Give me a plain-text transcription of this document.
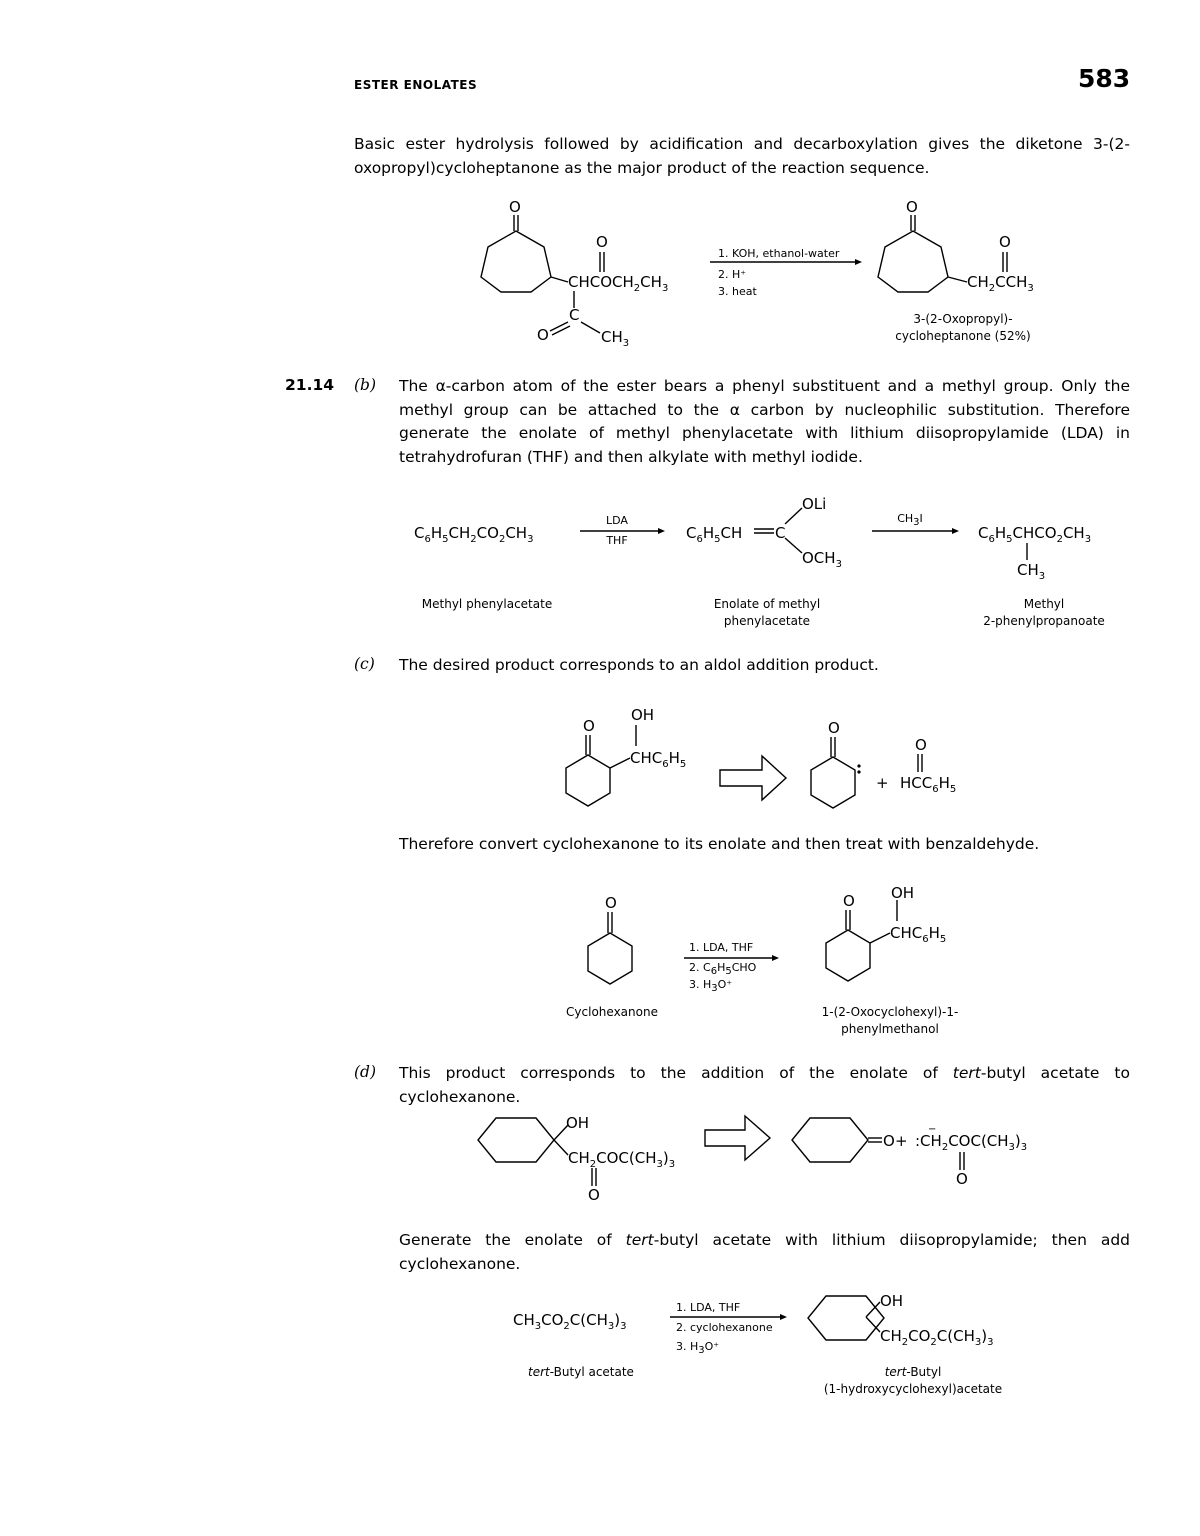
ESTER ENOLATES	583
Basic ester hydrolysis followed by acidification and decarboxylation gives the diketone 3-(2-oxopropyl)cycloheptanone as the major product of the reaction sequence.
O
$CHCOCH_2CH_3$
O
C
O	$CH_3$
1. KOH, ethanol-water
2. H⁺
3. heat
O
$CH_2CCH_3$
O
3-(2-Oxopropyl)-
cycloheptanone (52%)
21.14 (b) The α-carbon atom of the ester bears a phenyl substituent and a methyl group. Only the methyl group can be attached to the α carbon by nucleophilic substitution. Therefore generate the enolate of methyl phenylacetate with lithium diisopropylamide (LDA) in tetrahydrofuran (THF) and then alkylate with methyl iodide.
$C_6H_5CH_2CO_2CH_3$
LDA
THF	$C_6H_5CH$ C
OLi
$OCH_3$
CH3I
$C_6H_5CHCO_2CH_3$
$CH_3$
Methyl phenylacetate	Enolate of methyl
phenylacetate
Methyl
2-phenylpropanoate
(c) The desired product corresponds to an aldol addition product.
O
$CHC_6H_5$
OH
O
+ $HCC_6H_5$
O
Therefore convert cyclohexanone to its enolate and then treat with benzaldehyde.
O
Cyclohexanone
1. LDA, THF
2. C6H5CHO
3. H3O⁺
O
$CHC_6H_5$
OH
1-(2-Oxocyclohexyl)-1-
phenylmethanol
(d) This product corresponds to the addition of the enolate of tert-butyl acetate to cyclohexanone.
OH
$CH_2COC(CH_3)_3$
O
$O + :CH_2COC(CH_3)_3$
−
O
Generate the enolate of tert-butyl acetate with lithium diisopropylamide; then add cyclohexanone.
$CH_3CO_2C(CH_3)_3$
1. LDA, THF
2. cyclohexanone
3. H3O⁺
OH
$CH_2CO_2C(CH_3)_3$
tert-Butyl acetate	tert-Butyl
(1-hydroxycyclohexyl)acetate
